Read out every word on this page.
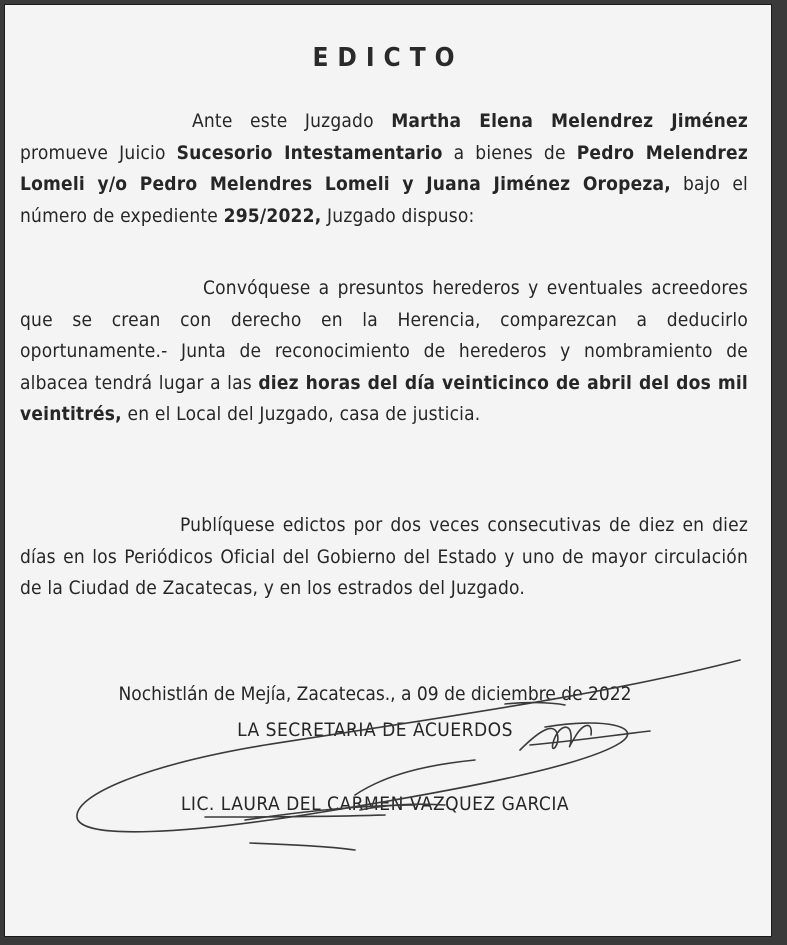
EDICTO

Ante este Juzgado Martha Elena Melendrez Jiménez promueve Juicio Sucesorio Intestamentario a bienes de Pedro Melendrez Lomeli y/o Pedro Melendres Lomeli y Juana Jiménez Oropeza, bajo el número de expediente 295/2022, Juzgado dispuso:

Convóquese a presuntos herederos y eventuales acreedores que se crean con derecho en la Herencia, comparezcan a deducirlo oportunamente.- Junta de reconocimiento de herederos y nombramiento de albacea tendrá lugar a las diez horas del día veinticinco de abril del dos mil veintitrés, en el Local del Juzgado, casa de justicia.

Publíquese edictos por dos veces consecutivas de diez en diez días en los Periódicos Oficial del Gobierno del Estado y uno de mayor circulación de la Ciudad de Zacatecas, y en los estrados del Juzgado.

Nochistlán de Mejía, Zacatecas., a 09 de diciembre de 2022
LA SECRETARIA DE ACUERDOS
LIC. LAURA DEL CARMEN VAZQUEZ GARCIA
